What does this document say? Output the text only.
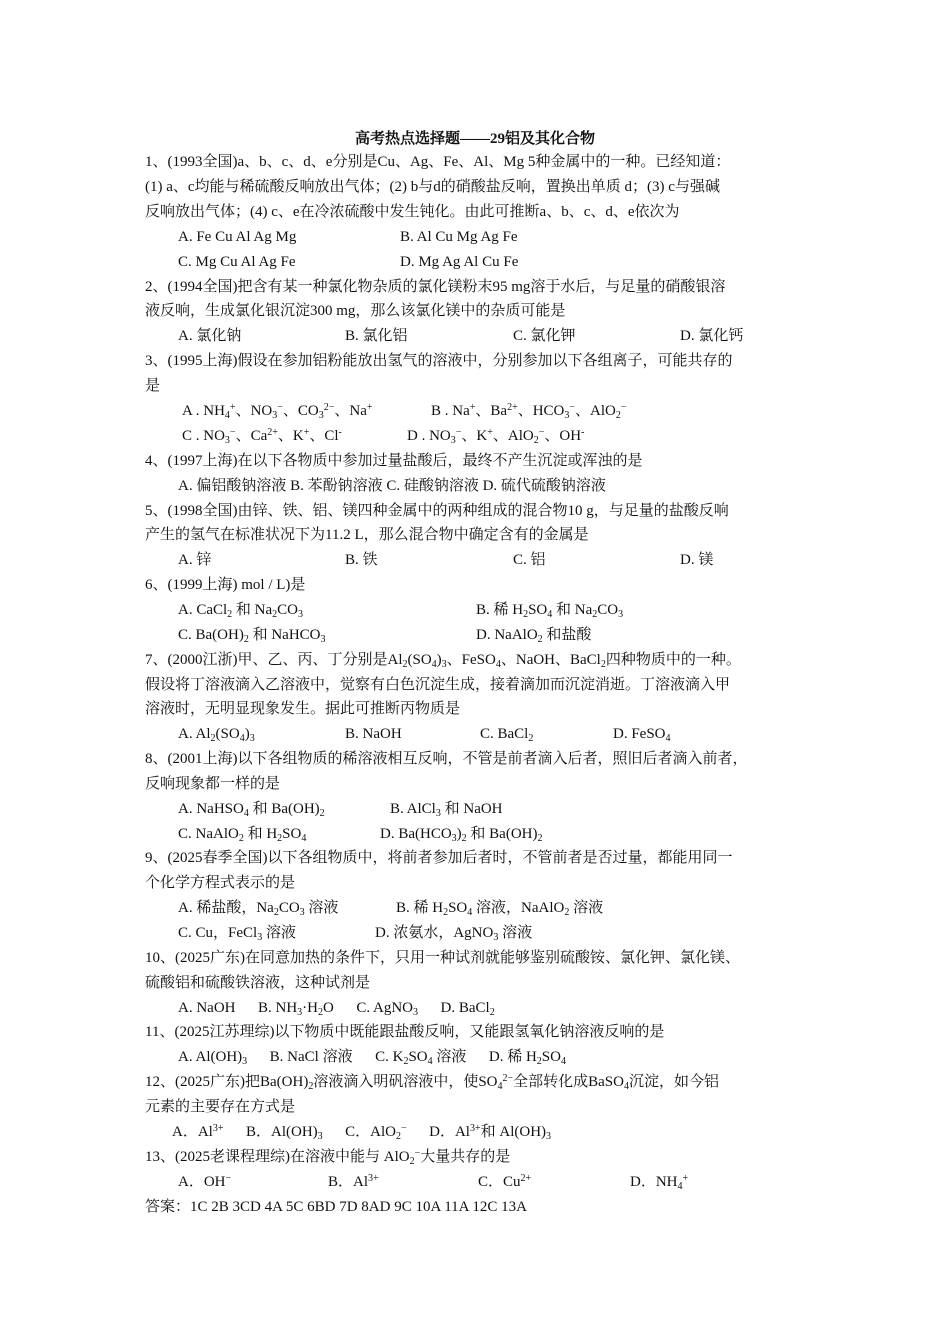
高考热点选择题——29铝及其化合物
1、(1993全国)a、b、c、d、e分别是Cu、Ag、Fe、Al、Mg 5种金属中的一种。已经知道：
(1) a、c均能与稀硫酸反响放出气体；(2) b与d的硝酸盐反响，置换出单质 d；(3) c与强碱
反响放出气体；(4) c、e在冷浓硫酸中发生钝化。由此可推断a、b、c、d、e依次为
A. Fe Cu Al Ag Mg	B. Al Cu Mg Ag Fe
C. Mg Cu Al Ag Fe	D. Mg Ag Al Cu Fe
2、(1994全国)把含有某一种氯化物杂质的氯化镁粉末95 mg溶于水后，与足量的硝酸银溶
液反响，生成氯化银沉淀300 mg，那么该氯化镁中的杂质可能是
A. 氯化钠	B. 氯化铝	C. 氯化钾	D. 氯化钙
3、(1995上海)假设在参加铝粉能放出氢气的溶液中，分别参加以下各组离子，可能共存的
是
A . $NH_4^+$、$NO_3^-$、$CO_3^{2-}$、Na+	B . Na+、$Ba^{2+}$、$HCO_3^-$、AlO$_2$−
C . $NO_3^-$、$Ca^{2+}$、K+、Cl-	D . $NO_3^-$、K+、AlO$_2$−、OH-
4、(1997上海)在以下各物质中参加过量盐酸后，最终不产生沉淀或浑浊的是
A. 偏铝酸钠溶液 B. 苯酚钠溶液 C. 硅酸钠溶液 D. 硫代硫酸钠溶液
5、(1998全国)由锌、铁、铝、镁四种金属中的两种组成的混合物10 g，与足量的盐酸反响
产生的氢气在标准状况下为11.2 L，那么混合物中确定含有的金属是
A. 锌	B. 铁	C. 铝	D. 镁
6、(1999上海) mol / L)是
A. CaCl$_2$ 和 $Na_2CO_3$	B. 稀 $H_2SO_4$ 和 $Na_2CO_3$
C. $Ba(OH)_2$ 和 NaHCO$_3$	D. NaAlO$_2$ 和盐酸
7、(2000江浙)甲、乙、丙、丁分别是$Al_2(SO_4)_3$、FeSO$_4$、NaOH、BaCl$_2$四种物质中的一种。
假设将丁溶液滴入乙溶液中，觉察有白色沉淀生成，接着滴加而沉淀消逝。丁溶液滴入甲
溶液时，无明显现象发生。据此可推断丙物质是
A. $Al_2(SO_4)_3$	B. NaOH	C. BaCl$_2$	D. FeSO$_4$
8、(2001上海)以下各组物质的稀溶液相互反响，不管是前者滴入后者，照旧后者滴入前者，
反响现象都一样的是
A. NaHSO$_4$ 和 $Ba(OH)_2$	B. AlCl$_3$ 和 NaOH
C. NaAlO$_2$ 和 $H_2SO_4$	D. $Ba(HCO_3)_2$ 和 $Ba(OH)_2$
9、(2025春季全国)以下各组物质中，将前者参加后者时，不管前者是否过量，都能用同一
个化学方程式表示的是
A. 稀盐酸，$Na_2CO_3$ 溶液	B. 稀 $H_2SO_4$ 溶液，NaAlO$_2$ 溶液
C. Cu，FeCl$_3$ 溶液	D. 浓氨水，AgNO$_3$ 溶液
10、(2025广东)在同意加热的条件下，只用一种试剂就能够鉴别硫酸铵、氯化钾、氯化镁、
硫酸铝和硫酸铁溶液，这种试剂是
A. NaOH      B. $NH_3\cdot H_2O$      C. AgNO$_3$      D. BaCl$_2$
11、(2025江苏理综)以下物质中既能跟盐酸反响，又能跟氢氧化钠溶液反响的是
A. $Al(OH)_3$      B. NaCl 溶液      C. $K_2SO_4$ 溶液      D. 稀 $H_2SO_4$
12、(2025广东)把$Ba(OH)_2$溶液滴入明矾溶液中，使$SO_4^{2-}$全部转化成BaSO$_4$沉淀，如今铝
元素的主要存在方式是
A．$Al^{3+}$      B．$Al(OH)_3$      C．AlO$_2$−      D．$Al^{3+}$和 $Al(OH)_3$
13、(2025老课程理综)在溶液中能与 AlO$_2$−大量共存的是
A．OH−	B．$Al^{3+}$	C．$Cu^{2+}$	D．$NH_4^+$
答案：1C 2B 3CD 4A 5C 6BD 7D 8AD 9C 10A 11A 12C 13A
